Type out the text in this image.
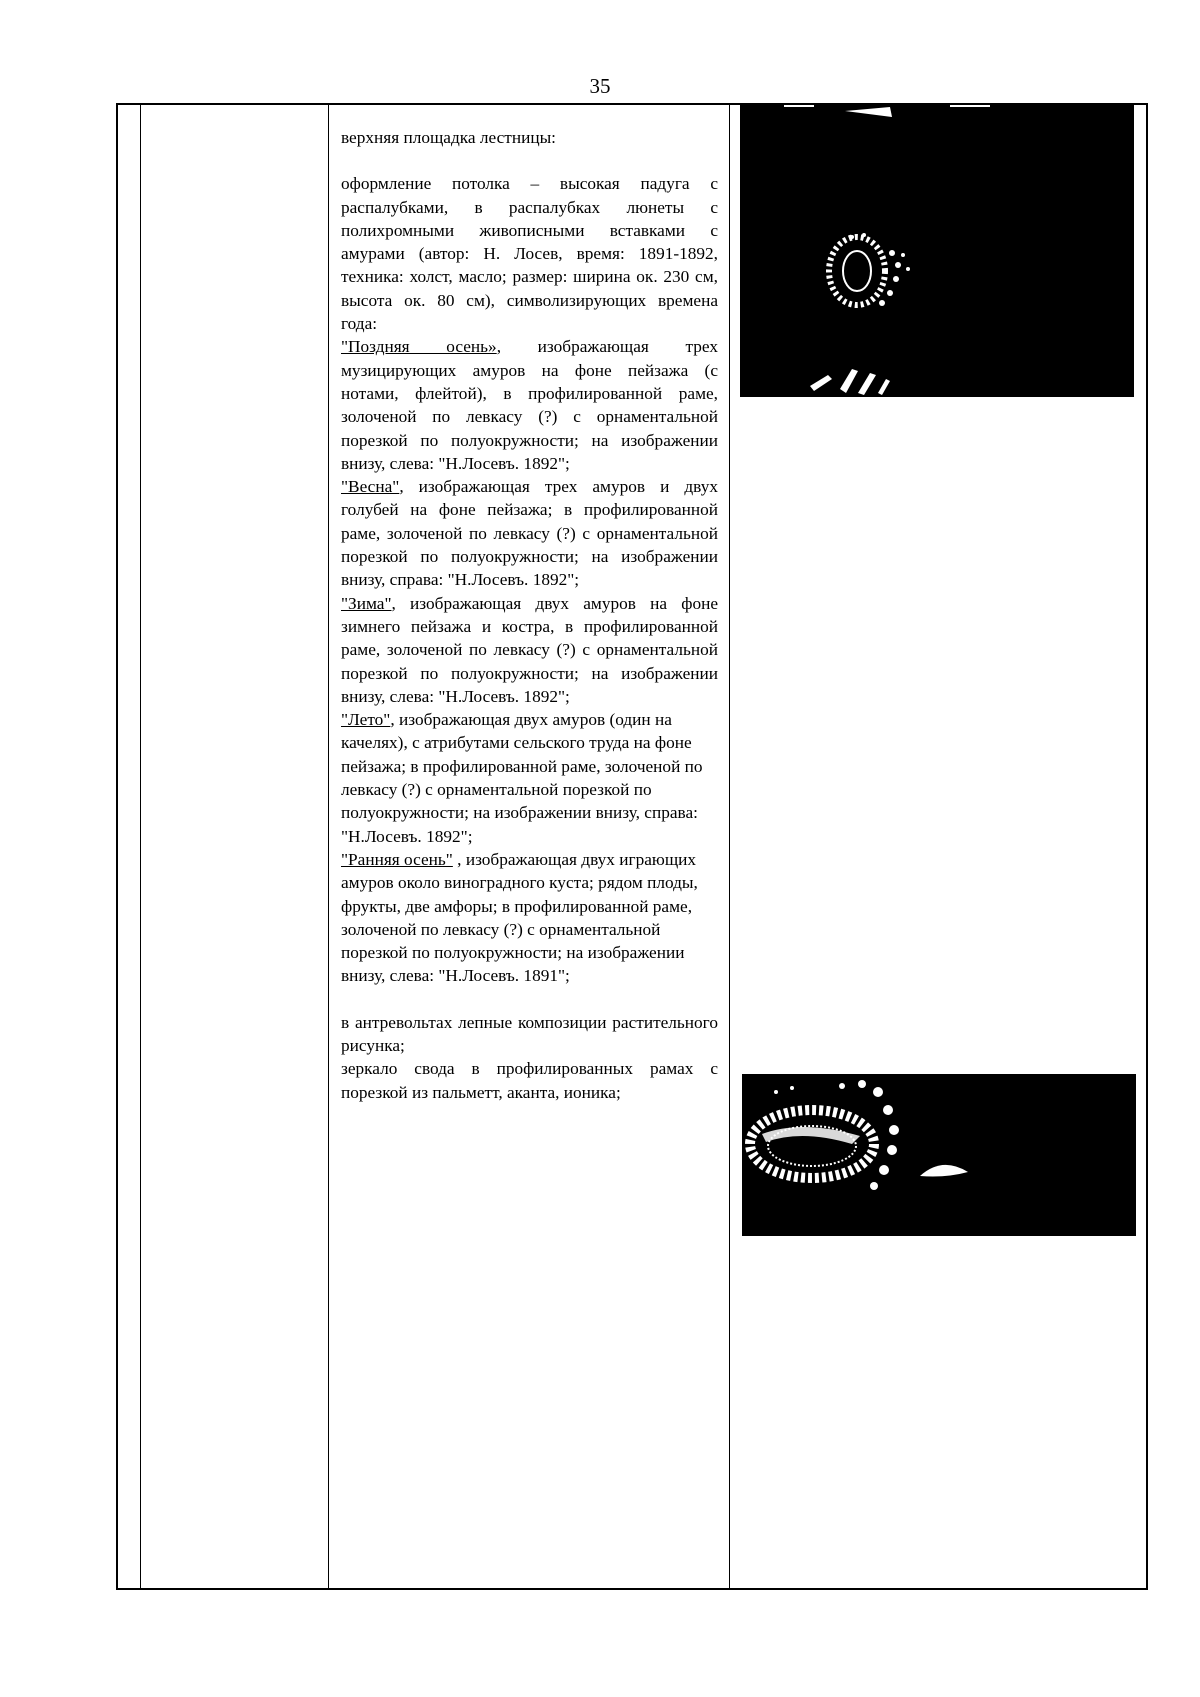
35

верхняя площадка лестницы:

оформление потолка – высокая падуга с распалубками, в распалубках люнеты с полихромными живописными вставками с амурами (автор: Н. Лосев, время: 1891-1892, техника: холст, масло; размер: ширина ок. 230 см, высота ок. 80 см), символизирующих времена года:

"Поздняя осень», изображающая трех музицирующих амуров на фоне пейзажа (с нотами, флейтой), в профилированной раме, золоченой по левкасу (?) с орнаментальной порезкой по полуокружности; на изображении внизу, слева: "Н.Лосевъ. 1892";

"Весна", изображающая трех амуров и двух голубей на фоне пейзажа; в профилированной раме, золоченой по левкасу (?) с орнаментальной порезкой по полуокружности; на изображении внизу, справа: "Н.Лосевъ. 1892";

"Зима", изображающая двух амуров на фоне зимнего пейзажа и костра, в профилированной раме, золоченой по левкасу (?) с орнаментальной порезкой по полуокружности; на изображении внизу, слева: "Н.Лосевъ. 1892";

"Лето", изображающая двух амуров (один на качелях), с атрибутами сельского труда на фоне пейзажа; в профилированной раме, золоченой по левкасу (?) с орнаментальной порезкой по полуокружности; на изображении внизу, справа: "Н.Лосевъ. 1892";

"Ранняя осень" , изображающая двух играющих амуров около виноградного куста; рядом плоды, фрукты, две амфоры; в профилированной раме, золоченой по левкасу (?) с орнаментальной порезкой по полуокружности; на изображении внизу, слева: "Н.Лосевъ. 1891";

в антревольтах лепные композиции растительного рисунка;

зеркало свода в профилированных рамах с порезкой из пальметт, аканта, ионика;
